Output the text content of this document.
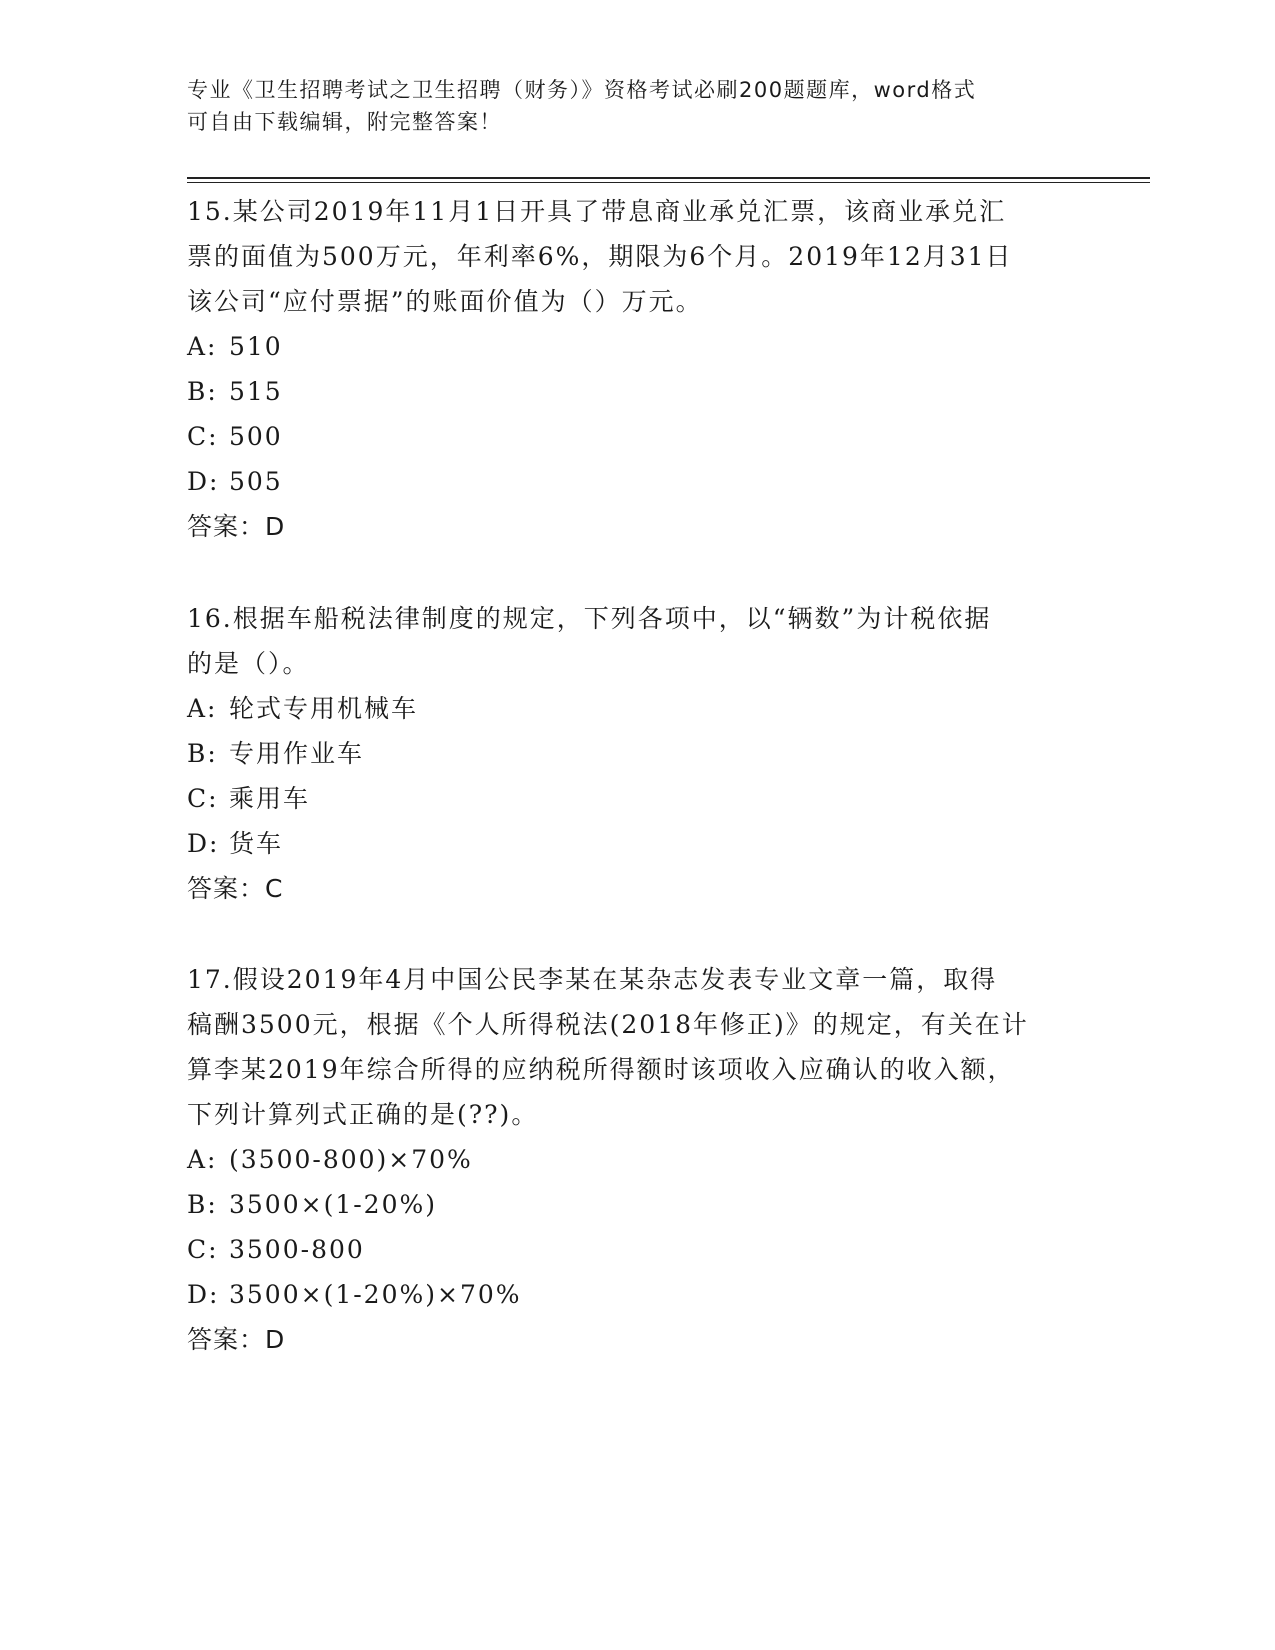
专业《卫生招聘考试之卫生招聘（财务）》资格考试必刷200题题库，word格式
可自由下载编辑，附完整答案！
15.某公司2019年11月1日开具了带息商业承兑汇票，该商业承兑汇
票的面值为500万元，年利率6%，期限为6个月。2019年12月31日
该公司“应付票据”的账面价值为（）万元。
A: 510
B: 515
C: 500
D: 505
答案：D
16.根据车船税法律制度的规定，下列各项中，以“辆数”为计税依据
的是（）。
A: 轮式专用机械车
B: 专用作业车
C: 乘用车
D: 货车
答案：C
17.假设2019年4月中国公民李某在某杂志发表专业文章一篇，取得
稿酬3500元，根据《个人所得税法(2018年修正)》的规定，有关在计
算李某2019年综合所得的应纳税所得额时该项收入应确认的收入额，
下列计算列式正确的是(??)。
A: (3500-800)×70%
B: 3500×(1-20%)
C: 3500-800
D: 3500×(1-20%)×70%
答案：D
